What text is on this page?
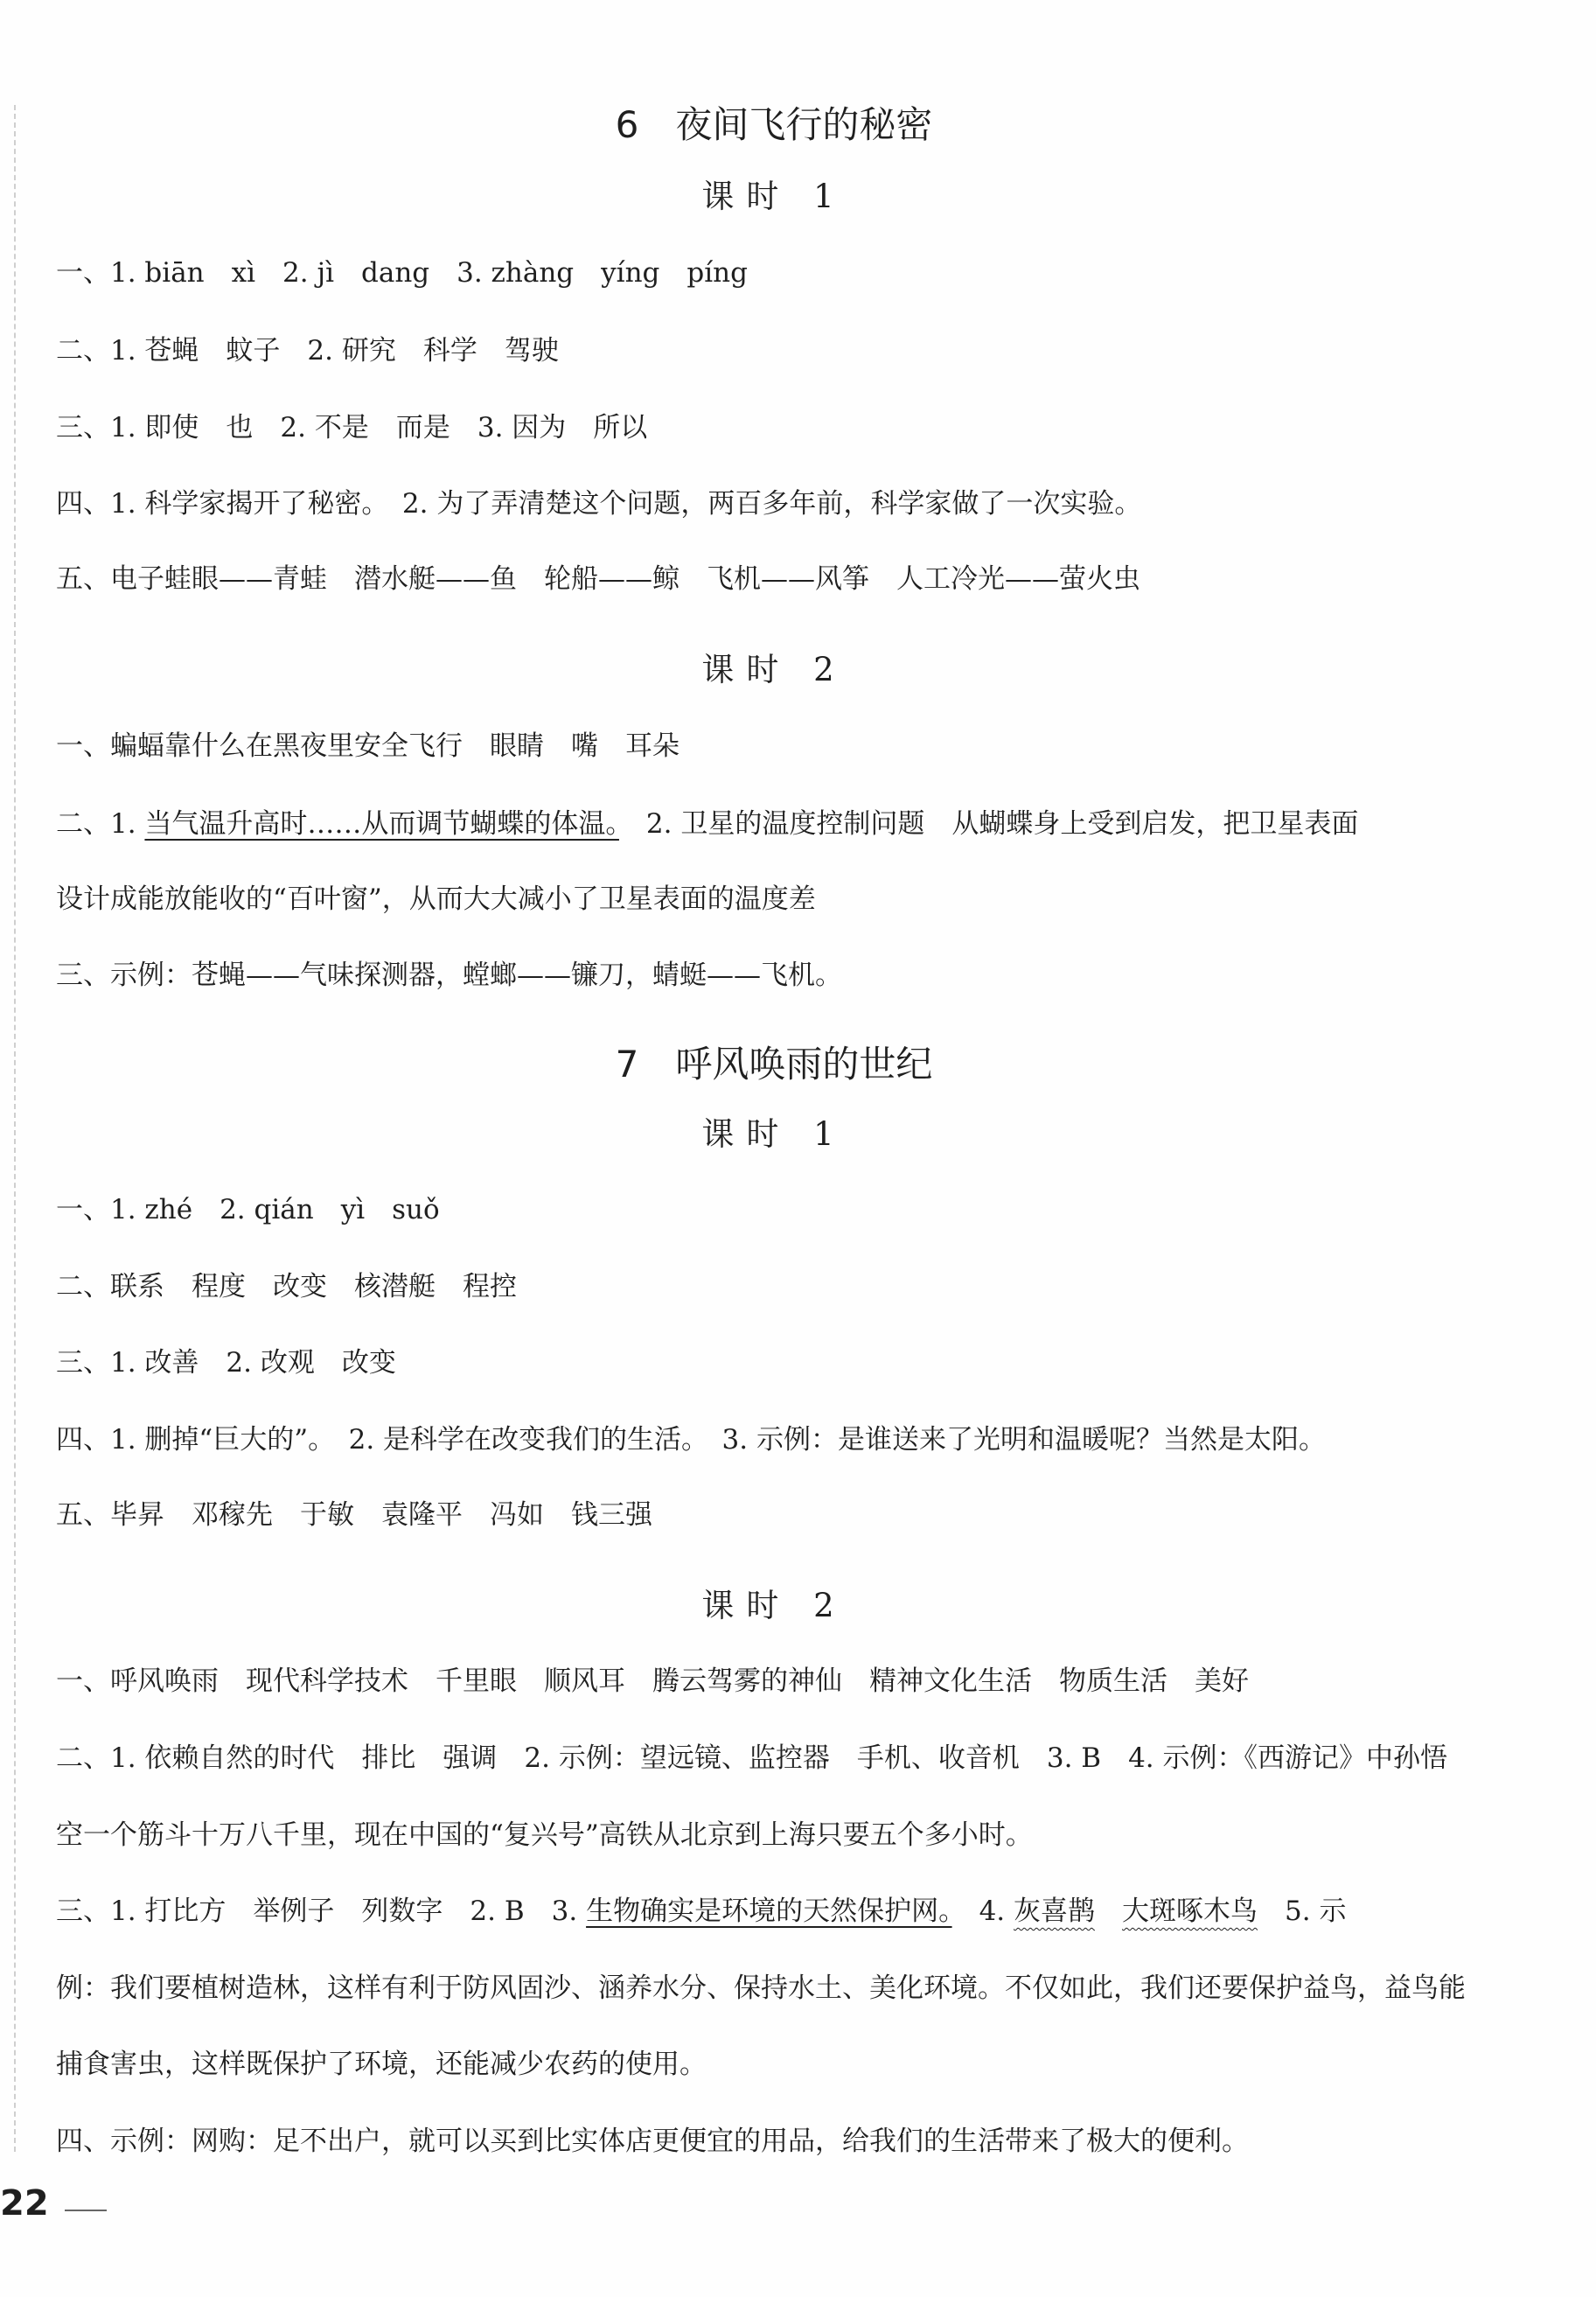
6　夜间飞行的秘密
课时 1
一、1. biān　xì　2. jì　dang　3. zhàng　yíng　píng
二、1. 苍蝇　蚊子　2. 研究　科学　驾驶
三、1. 即使　也　2. 不是　而是　3. 因为　所以
四、1. 科学家揭开了秘密。　2. 为了弄清楚这个问题，两百多年前，科学家做了一次实验。
五、电子蛙眼——青蛙　潜水艇——鱼　轮船——鲸　飞机——风筝　人工冷光——萤火虫
课时 2
一、蝙蝠靠什么在黑夜里安全飞行　眼睛　嘴　耳朵
二、1. 当气温升高时……从而调节蝴蝶的体温。　2. 卫星的温度控制问题　从蝴蝶身上受到启发，把卫星表面
设计成能放能收的“百叶窗”，从而大大减小了卫星表面的温度差
三、示例：苍蝇——气味探测器，螳螂——镰刀，蜻蜓——飞机。
7　呼风唤雨的世纪
课时 1
一、1. zhé　2. qián　yì　suǒ
二、联系　程度　改变　核潜艇　程控
三、1. 改善　2. 改观　改变
四、1. 删掉“巨大的”。　2. 是科学在改变我们的生活。　3. 示例：是谁送来了光明和温暖呢？当然是太阳。
五、毕昇　邓稼先　于敏　袁隆平　冯如　钱三强
课时 2
一、呼风唤雨　现代科学技术　千里眼　顺风耳　腾云驾雾的神仙　精神文化生活　物质生活　美好
二、1. 依赖自然的时代　排比　强调　2. 示例：望远镜、监控器　手机、收音机　3. B　4. 示例：《西游记》中孙悟
空一个筋斗十万八千里，现在中国的“复兴号”高铁从北京到上海只要五个多小时。
三、1. 打比方　举例子　列数字　2. B　3. 生物确实是环境的天然保护网。　4. 灰喜鹊　 大斑啄木鸟　5. 示
例：我们要植树造林，这样有利于防风固沙、涵养水分、保持水土、美化环境。不仅如此，我们还要保护益鸟，益鸟能
捕食害虫，这样既保护了环境，还能减少农药的使用。
四、示例：网购：足不出户，就可以买到比实体店更便宜的用品，给我们的生活带来了极大的便利。
22
